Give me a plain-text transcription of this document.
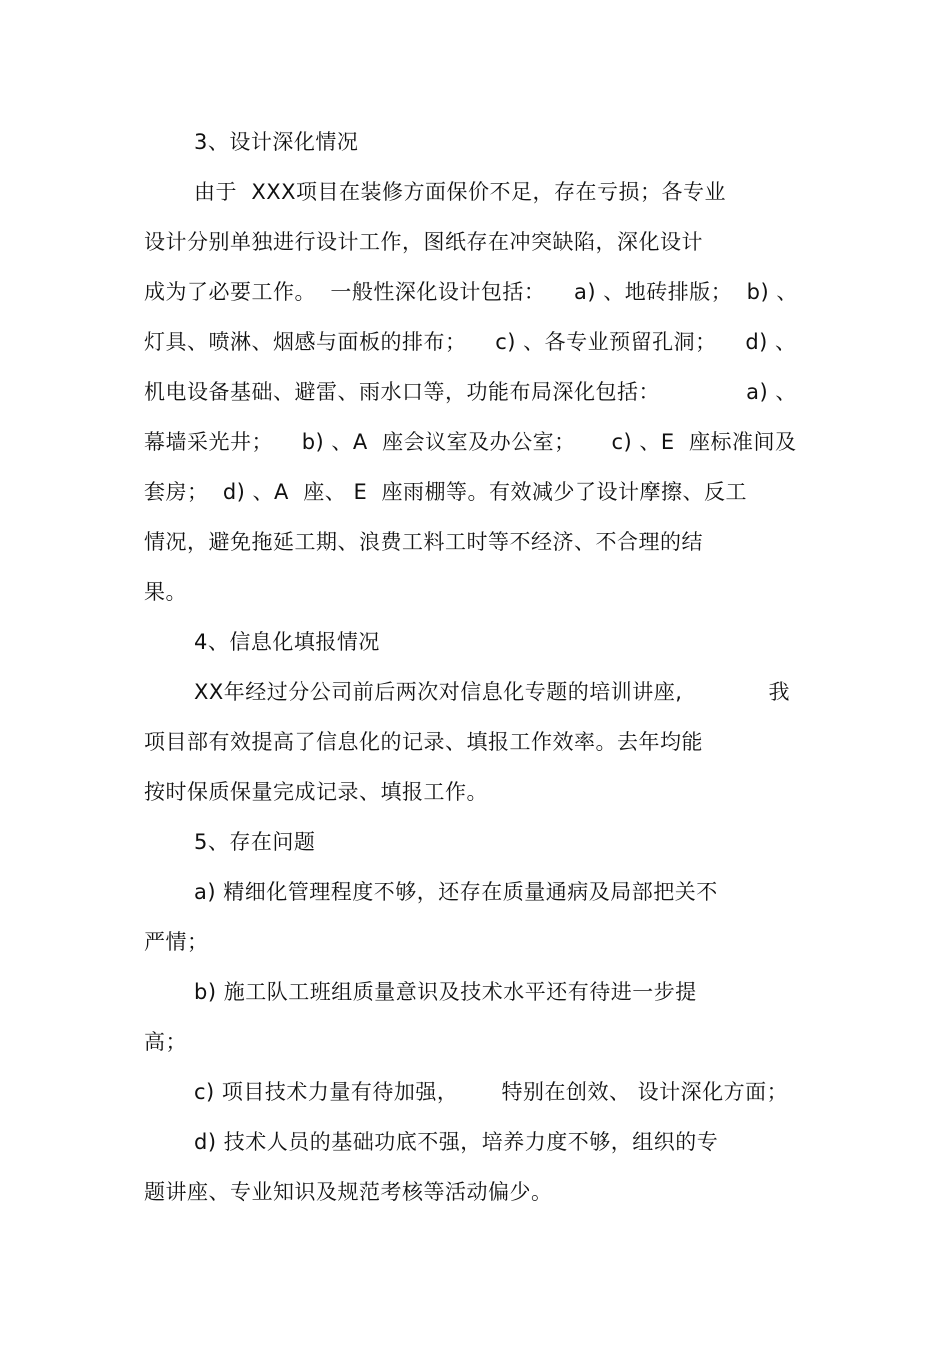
3、设计深化情况
由于  XXX项目在装修方面保价不足，存在亏损；各专业
设计分别单独进行设计工作，图纸存在冲突缺陷，深化设计
成为了必要工作。  一般性深化设计包括：    a) 、地砖排版；  b) 、
灯具、喷淋、烟感与面板的排布；    c) 、各专业预留孔洞；    d) 、
机电设备基础、避雷、雨水口等，功能布局深化包括：            a) 、
幕墙采光井；    b) 、A  座会议室及办公室；     c) 、E  座标准间及
套房；  d) 、A  座、 E  座雨棚等。有效减少了设计摩擦、反工
情况，避免拖延工期、浪费工料工时等不经济、不合理的结
果。
4、信息化填报情况
XX年经过分公司前后两次对信息化专题的培训讲座,            我
项目部有效提高了信息化的记录、填报工作效率。去年均能
按时保质保量完成记录、填报工作。
5、存在问题
a) 精细化管理程度不够，还存在质量通病及局部把关不
严情；
b) 施工队工班组质量意识及技术水平还有待进一步提
高；
c) 项目技术力量有待加强，      特别在创效、 设计深化方面；
d) 技术人员的基础功底不强，培养力度不够，组织的专
题讲座、专业知识及规范考核等活动偏少。
